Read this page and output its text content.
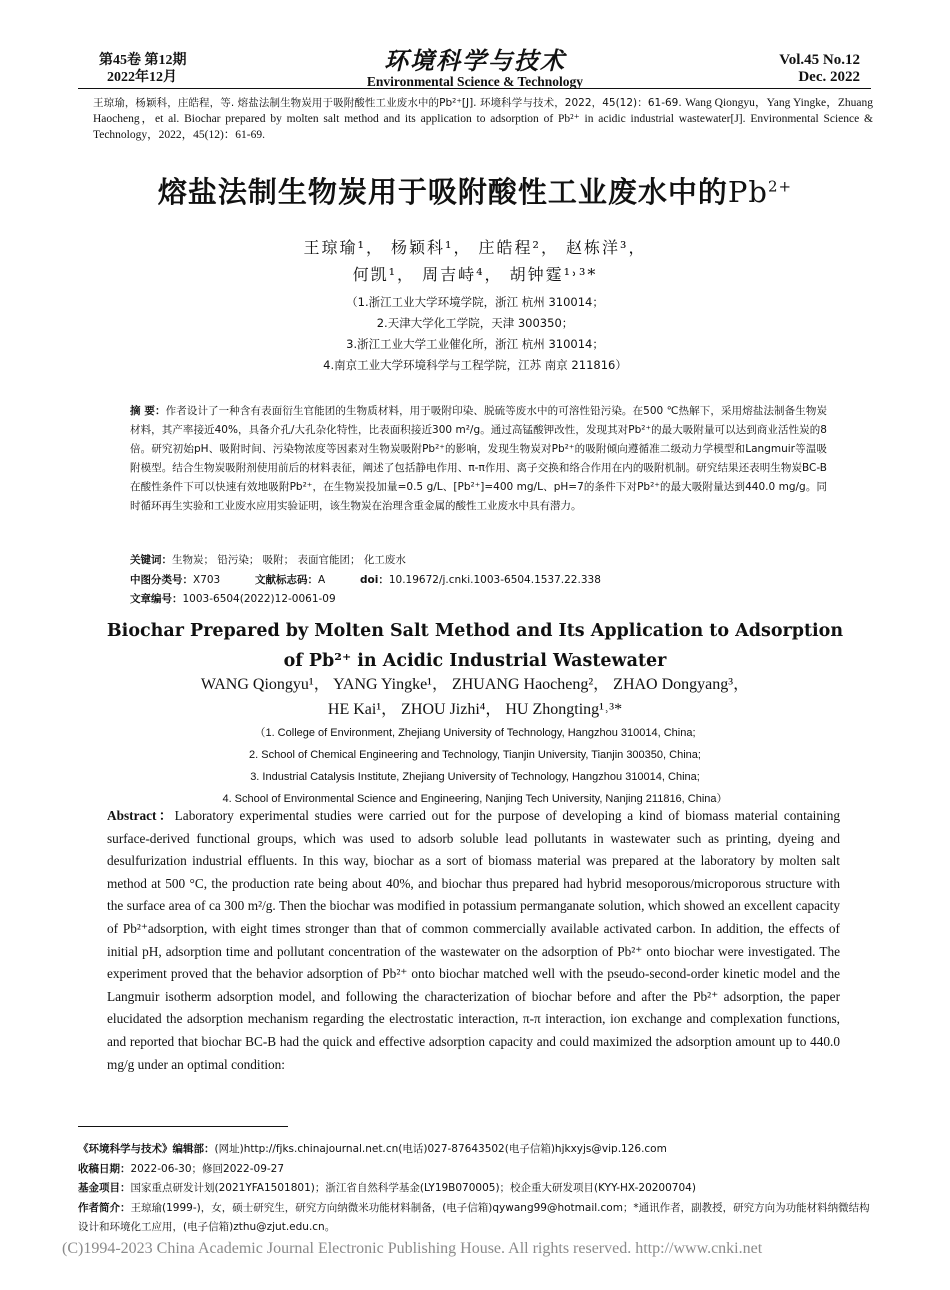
第45卷 第12期
2022年12月
环境科学与技术
Environmental Science & Technology
Vol.45 No.12
Dec. 2022
王琼瑜，杨颖科，庄皓程，等. 熔盐法制生物炭用于吸附酸性工业废水中的Pb²⁺[J]. 环境科学与技术，2022，45(12)：61-69. Wang Qiongyu，Yang Yingke，Zhuang Haocheng，et al. Biochar prepared by molten salt method and its application to adsorption of Pb²⁺ in acidic industrial wastewater[J]. Environmental Science & Technology，2022，45(12)：61-69.
熔盐法制生物炭用于吸附酸性工业废水中的$Pb^{2+}$
王琼瑜¹， 杨颖科¹， 庄皓程²， 赵栋洋³，
何凯¹， 周吉峙⁴， 胡钟霆¹˒³*
（1.浙江工业大学环境学院，浙江 杭州 310014；
2.天津大学化工学院，天津 300350；
3.浙江工业大学工业催化所，浙江 杭州 310014；
4.南京工业大学环境科学与工程学院，江苏 南京 211816）
摘 要：作者设计了一种含有表面衍生官能团的生物质材料，用于吸附印染、脱硫等废水中的可溶性铅污染。在500 ℃热解下，采用熔盐法制备生物炭材料，其产率接近40%，具备介孔/大孔杂化特性，比表面积接近300 m²/g。通过高锰酸钾改性，发现其对Pb²⁺的最大吸附量可以达到商业活性炭的8倍。研究初始pH、吸附时间、污染物浓度等因素对生物炭吸附Pb²⁺的影响，发现生物炭对Pb²⁺的吸附倾向遵循准二级动力学模型和Langmuir等温吸附模型。结合生物炭吸附剂使用前后的材料表征，阐述了包括静电作用、π-π作用、离子交换和络合作用在内的吸附机制。研究结果还表明生物炭BC-B在酸性条件下可以快速有效地吸附Pb²⁺，在生物炭投加量=0.5 g/L、[Pb²⁺]=400 mg/L、pH=7的条件下对Pb²⁺的最大吸附量达到440.0 mg/g。同时循环再生实验和工业废水应用实验证明，该生物炭在治理含重金属的酸性工业废水中具有潜力。
关键词：生物炭； 铅污染； 吸附； 表面官能团； 化工废水
中图分类号：X703	文献标志码：A	doi：10.19672/j.cnki.1003-6504.1537.22.338文章编号：1003-6504(2022)12-0061-09
Biochar Prepared by Molten Salt Method and Its Application to Adsorption
of Pb²⁺ in Acidic Industrial Wastewater
WANG Qiongyu¹， YANG Yingke¹， ZHUANG Haocheng²， ZHAO Dongyang³，
HE Kai¹， ZHOU Jizhi⁴， HU Zhongting¹˒³*
（1. College of Environment, Zhejiang University of Technology, Hangzhou 310014, China;
2. School of Chemical Engineering and Technology, Tianjin University, Tianjin 300350, China;
3. Industrial Catalysis Institute, Zhejiang University of Technology, Hangzhou 310014, China;
4. School of Environmental Science and Engineering, Nanjing Tech University, Nanjing 211816, China）
Abstract：Laboratory experimental studies were carried out for the purpose of developing a kind of biomass material containing surface-derived functional groups, which was used to adsorb soluble lead pollutants in wastewater such as printing, dyeing and desulfurization industrial effluents. In this way, biochar as a sort of biomass material was prepared at the laboratory by molten salt method at 500 °C, the production rate being about 40%, and biochar thus prepared had hybrid mesoporous/microporous structure with the surface area of ca 300 m²/g. Then the biochar was modified in potassium permanganate solution, which showed an excellent capacity of Pb²⁺adsorption, with eight times stronger than that of common commercially available activated carbon. In addition, the effects of initial pH, adsorption time and pollutant concentration of the wastewater on the adsorption of Pb²⁺ onto biochar were investigated. The experiment proved that the behavior adsorption of Pb²⁺ onto biochar matched well with the pseudo-second-order kinetic model and the Langmuir isotherm adsorption model, and following the characterization of biochar before and after the Pb²⁺ adsorption, the paper elucidated the adsorption mechanism regarding the electrostatic interaction, π-π interaction, ion exchange and complexation functions, and reported that biochar BC-B had the quick and effective adsorption capacity and could maximized the adsorption amount up to 440.0 mg/g under an optimal condition:

《环境科学与技术》编辑部：(网址)http://fjks.chinajournal.net.cn(电话)027-87643502(电子信箱)hjkxyjs@vip.126.com

收稿日期：2022-06-30；修回2022-09-27

基金项目：国家重点研发计划(2021YFA1501801)；浙江省自然科学基金(LY19B070005)；校企重大研发项目(KYY-HX-20200704)

作者简介：王琼瑜(1999-)，女，硕士研究生，研究方向纳微米功能材料制备，(电子信箱)qywang99@hotmail.com；*通讯作者，副教授，研究方向为功能材料纳微结构设计和环境化工应用，(电子信箱)zthu@zjut.edu.cn。

(C)1994-2023 China Academic Journal Electronic Publishing House. All rights reserved. http://www.cnki.net
